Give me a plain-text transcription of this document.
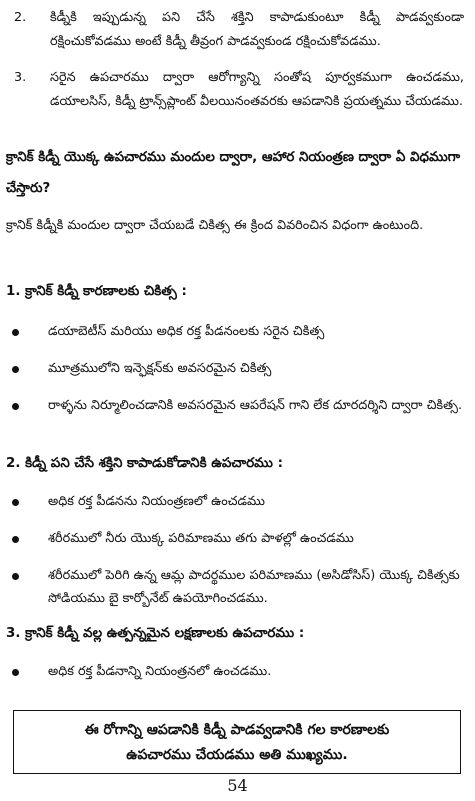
2. కిడ్నీకి ఇప్పుడున్న పని చేసే శక్తిని కాపాడుకుంటూ కిడ్నీ పాడవ్వకుండా రక్షించుకోవడము అంటే కిడ్నీ తీవ్రంగ పాడవ్వకుండ రక్షించుకోవడము.
3. సరైన ఉపచారము ద్వారా ఆరోగ్యాన్ని సంతోష పూర్వకముగా ఉంచడము, డయాలసిస్, కిడ్నీ ట్రాన్స్‌ప్లాంట్ వీలయినంతవరకు ఆపడానికి ప్రయత్నము చేయడము.
క్రానిక్ కిడ్నీ యొక్క ఉపచారము మందుల ద్వారా, ఆహార నియంత్రణ ద్వారా ఏ విధముగా చేస్తారు?
క్రానిక్ కిడ్నీకి మందుల ద్వారా చేయబడే చికిత్స ఈ క్రింద వివరించిన విధంగా ఉంటుంది.
1. క్రానిక్ కిడ్నీ కారణాలకు చికిత్స :
డయాబెటీస్ మరియు అధిక రక్త పీడనంలకు సరైన చికిత్స
మూత్రములోని ఇన్ఫెక్షన్‌కు అవసరమైన చికిత్స
రాళ్ళను నిర్మూలించడానికి అవసరమైన ఆపరేషన్ గాని లేక దూరదర్శిని ద్వారా చికిత్స.
2. కిడ్నీ పని చేసే శక్తిని కాపాడుకోడానికి ఉపచారము :
అధిక రక్త పీడనను నియంత్రణలో ఉంచడము
శరీరములో నీరు యొక్క పరిమాణము తగు పాళల్లో ఉంచడము
శరీరములో పెరిగి ఉన్న ఆమ్ల పాదర్థముల పరిమాణము (అసిడోసిస్) యొక్క చికిత్సకు సోడియము బై కార్బోనేట్ ఉపయోగించడము.
3. క్రానిక్ కిడ్నీ వల్ల ఉత్పన్నమైన లక్షణాలకు ఉపచారము :
అధిక రక్త పీడనాన్ని నియంత్రనలో ఉంచడము.
ఈ రోగాన్ని ఆపడానికి కిడ్నీ పాడవ్వడానికి గల కారణాలకు
ఉపచారము చేయడము అతి ముఖ్యము.
54
